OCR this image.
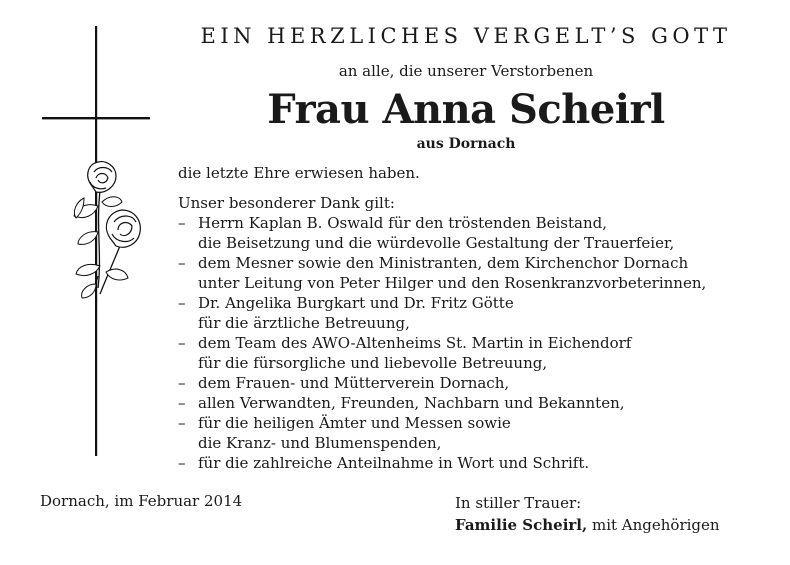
EIN HERZLICHES VERGELT’S GOTT
an alle, die unserer Verstorbenen
Frau Anna Scheirl
aus Dornach
die letzte Ehre erwiesen haben.
Unser besonderer Dank gilt:
– Herrn Kaplan B. Oswald für den tröstenden Beistand,
die Beisetzung und die würdevolle Gestaltung der Trauerfeier,
– dem Mesner sowie den Ministranten, dem Kirchenchor Dornach
unter Leitung von Peter Hilger und den Rosenkranzvorbeterinnen,
– Dr. Angelika Burgkart und Dr. Fritz Götte
für die ärztliche Betreuung,
– dem Team des AWO-Altenheims St. Martin in Eichendorf
für die fürsorgliche und liebevolle Betreuung,
– dem Frauen- und Mütterverein Dornach,
– allen Verwandten, Freunden, Nachbarn und Bekannten,
– für die heiligen Ämter und Messen sowie
die Kranz- und Blumenspenden,
– für die zahlreiche Anteilnahme in Wort und Schrift.
Dornach, im Februar 2014	In stiller Trauer:
Familie Scheirl, mit Angehörigen
